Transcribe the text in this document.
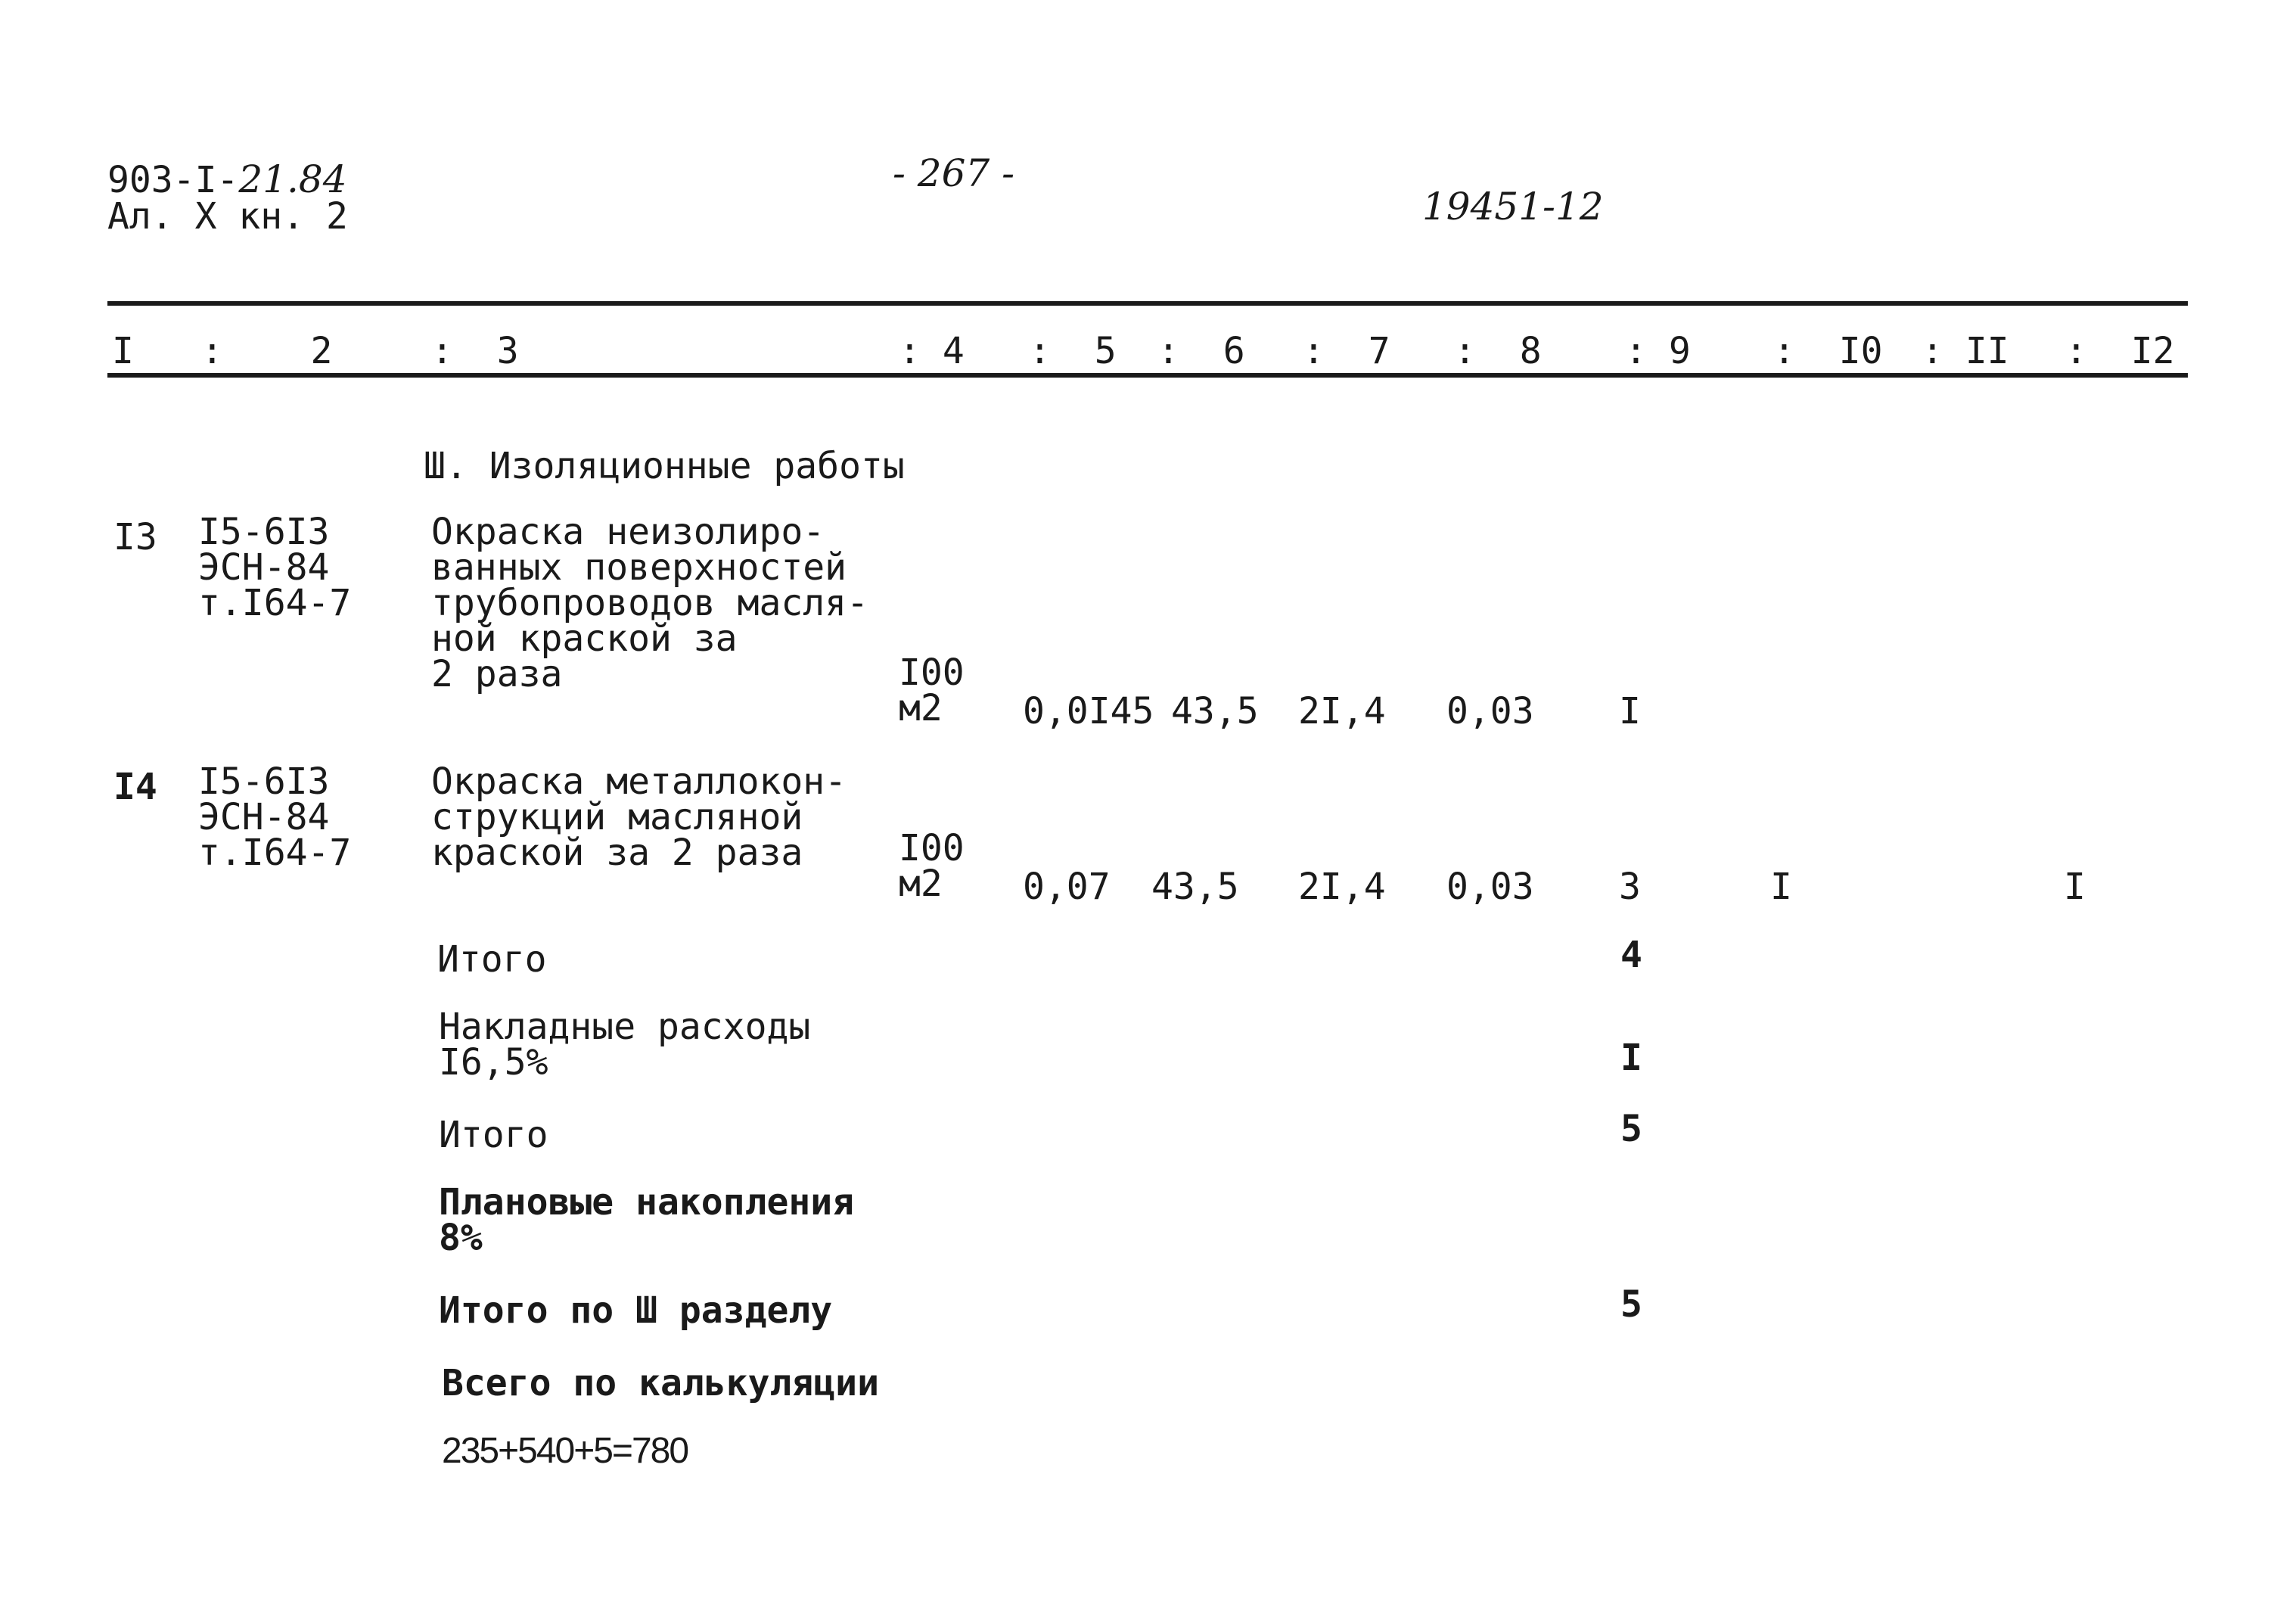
903-I-21.84
Ал. X кн. 2
- 267 -
19451-12
I : 2	: 3	: 4 : 5 : 6 : 7 : 8 : 9 : I0 : II : I2
Ш. Изоляционные работы
I3 I5-6I3
ЭСН-84
т.I64-7
Окраска неизолиро-
ванных поверхностей
трубопроводов масля-
ной краской за
2 раза	I00
м2	0,0I45 43,5 2I,4 0,03 I
I4 I5-6I3
ЭСН-84
т.I64-7
Окраска металлокон-
струкций масляной
краской за 2 раза	I00
м2	0,07 43,5 2I,4 0,03 3	I	I
Итого	4
Накладные расходы
I6,5%	I
Итого	5
Плановые накопления
8%
Итого по Ш разделу	5
Всего по калькуляции
235+540+5=780
